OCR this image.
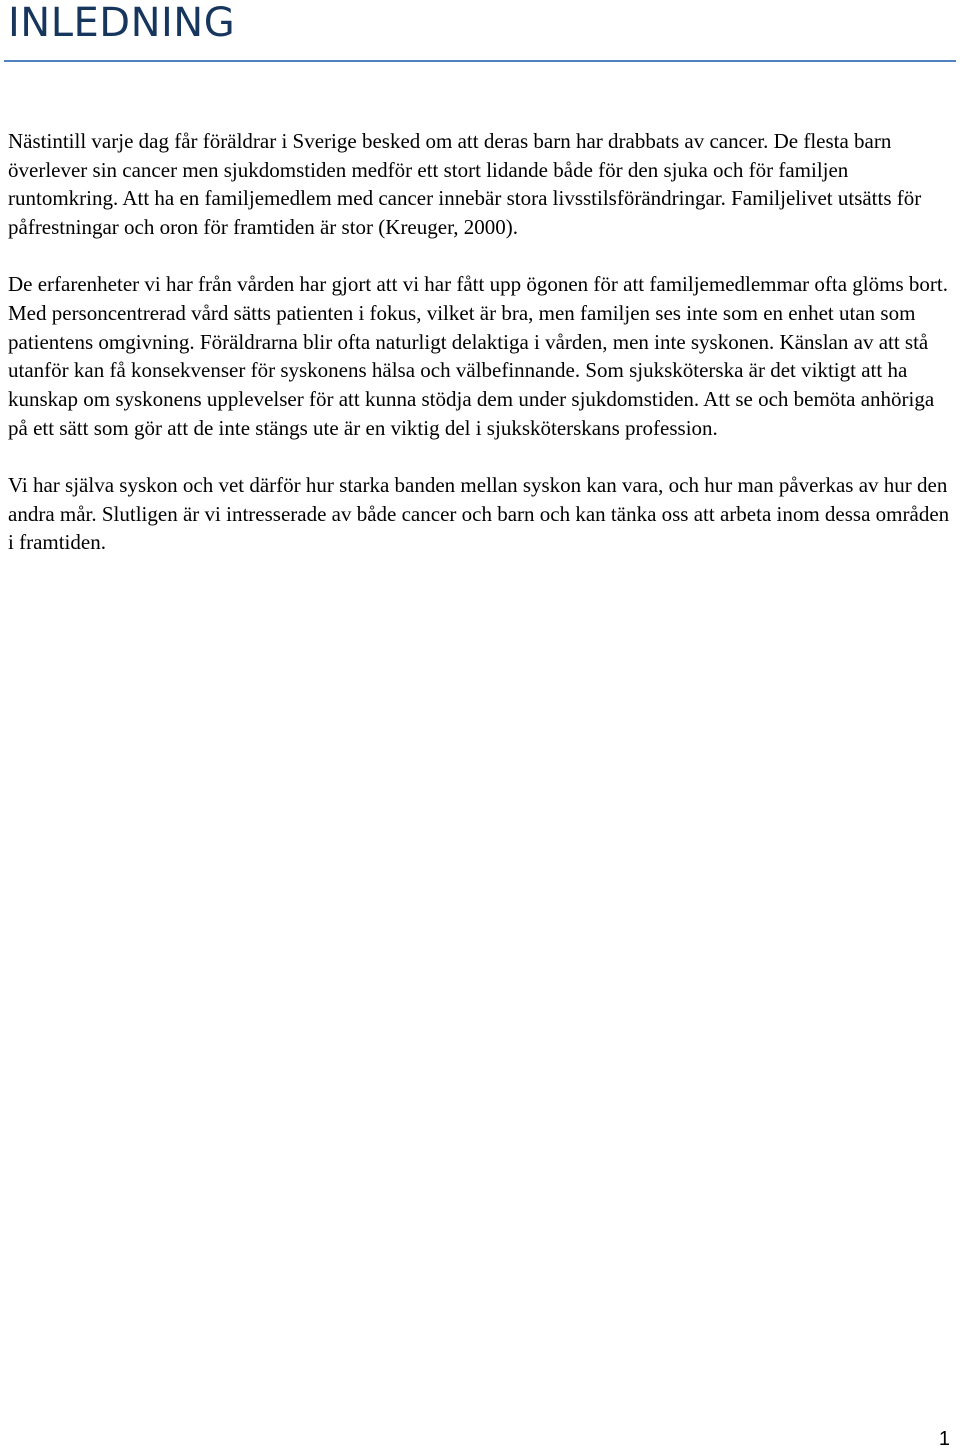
INLEDNING

Nästintill varje dag får föräldrar i Sverige besked om att deras barn har drabbats av cancer. De flesta barn överlever sin cancer men sjukdomstiden medför ett stort lidande både för den sjuka och för familjen runtomkring. Att ha en familjemedlem med cancer innebär stora livsstilsförändringar. Familjelivet utsätts för påfrestningar och oron för framtiden är stor (Kreuger, 2000).

De erfarenheter vi har från vården har gjort att vi har fått upp ögonen för att familjemedlemmar ofta glöms bort. Med personcentrerad vård sätts patienten i fokus, vilket är bra, men familjen ses inte som en enhet utan som patientens omgivning. Föräldrarna blir ofta naturligt delaktiga i vården, men inte syskonen. Känslan av att stå utanför kan få konsekvenser för syskonens hälsa och välbefinnande. Som sjuksköterska är det viktigt att ha kunskap om syskonens upplevelser för att kunna stödja dem under sjukdomstiden. Att se och bemöta anhöriga på ett sätt som gör att de inte stängs ute är en viktig del i sjuksköterskans profession.

Vi har själva syskon och vet därför hur starka banden mellan syskon kan vara, och hur man påverkas av hur den andra mår. Slutligen är vi intresserade av både cancer och barn och kan tänka oss att arbeta inom dessa områden i framtiden.

1
